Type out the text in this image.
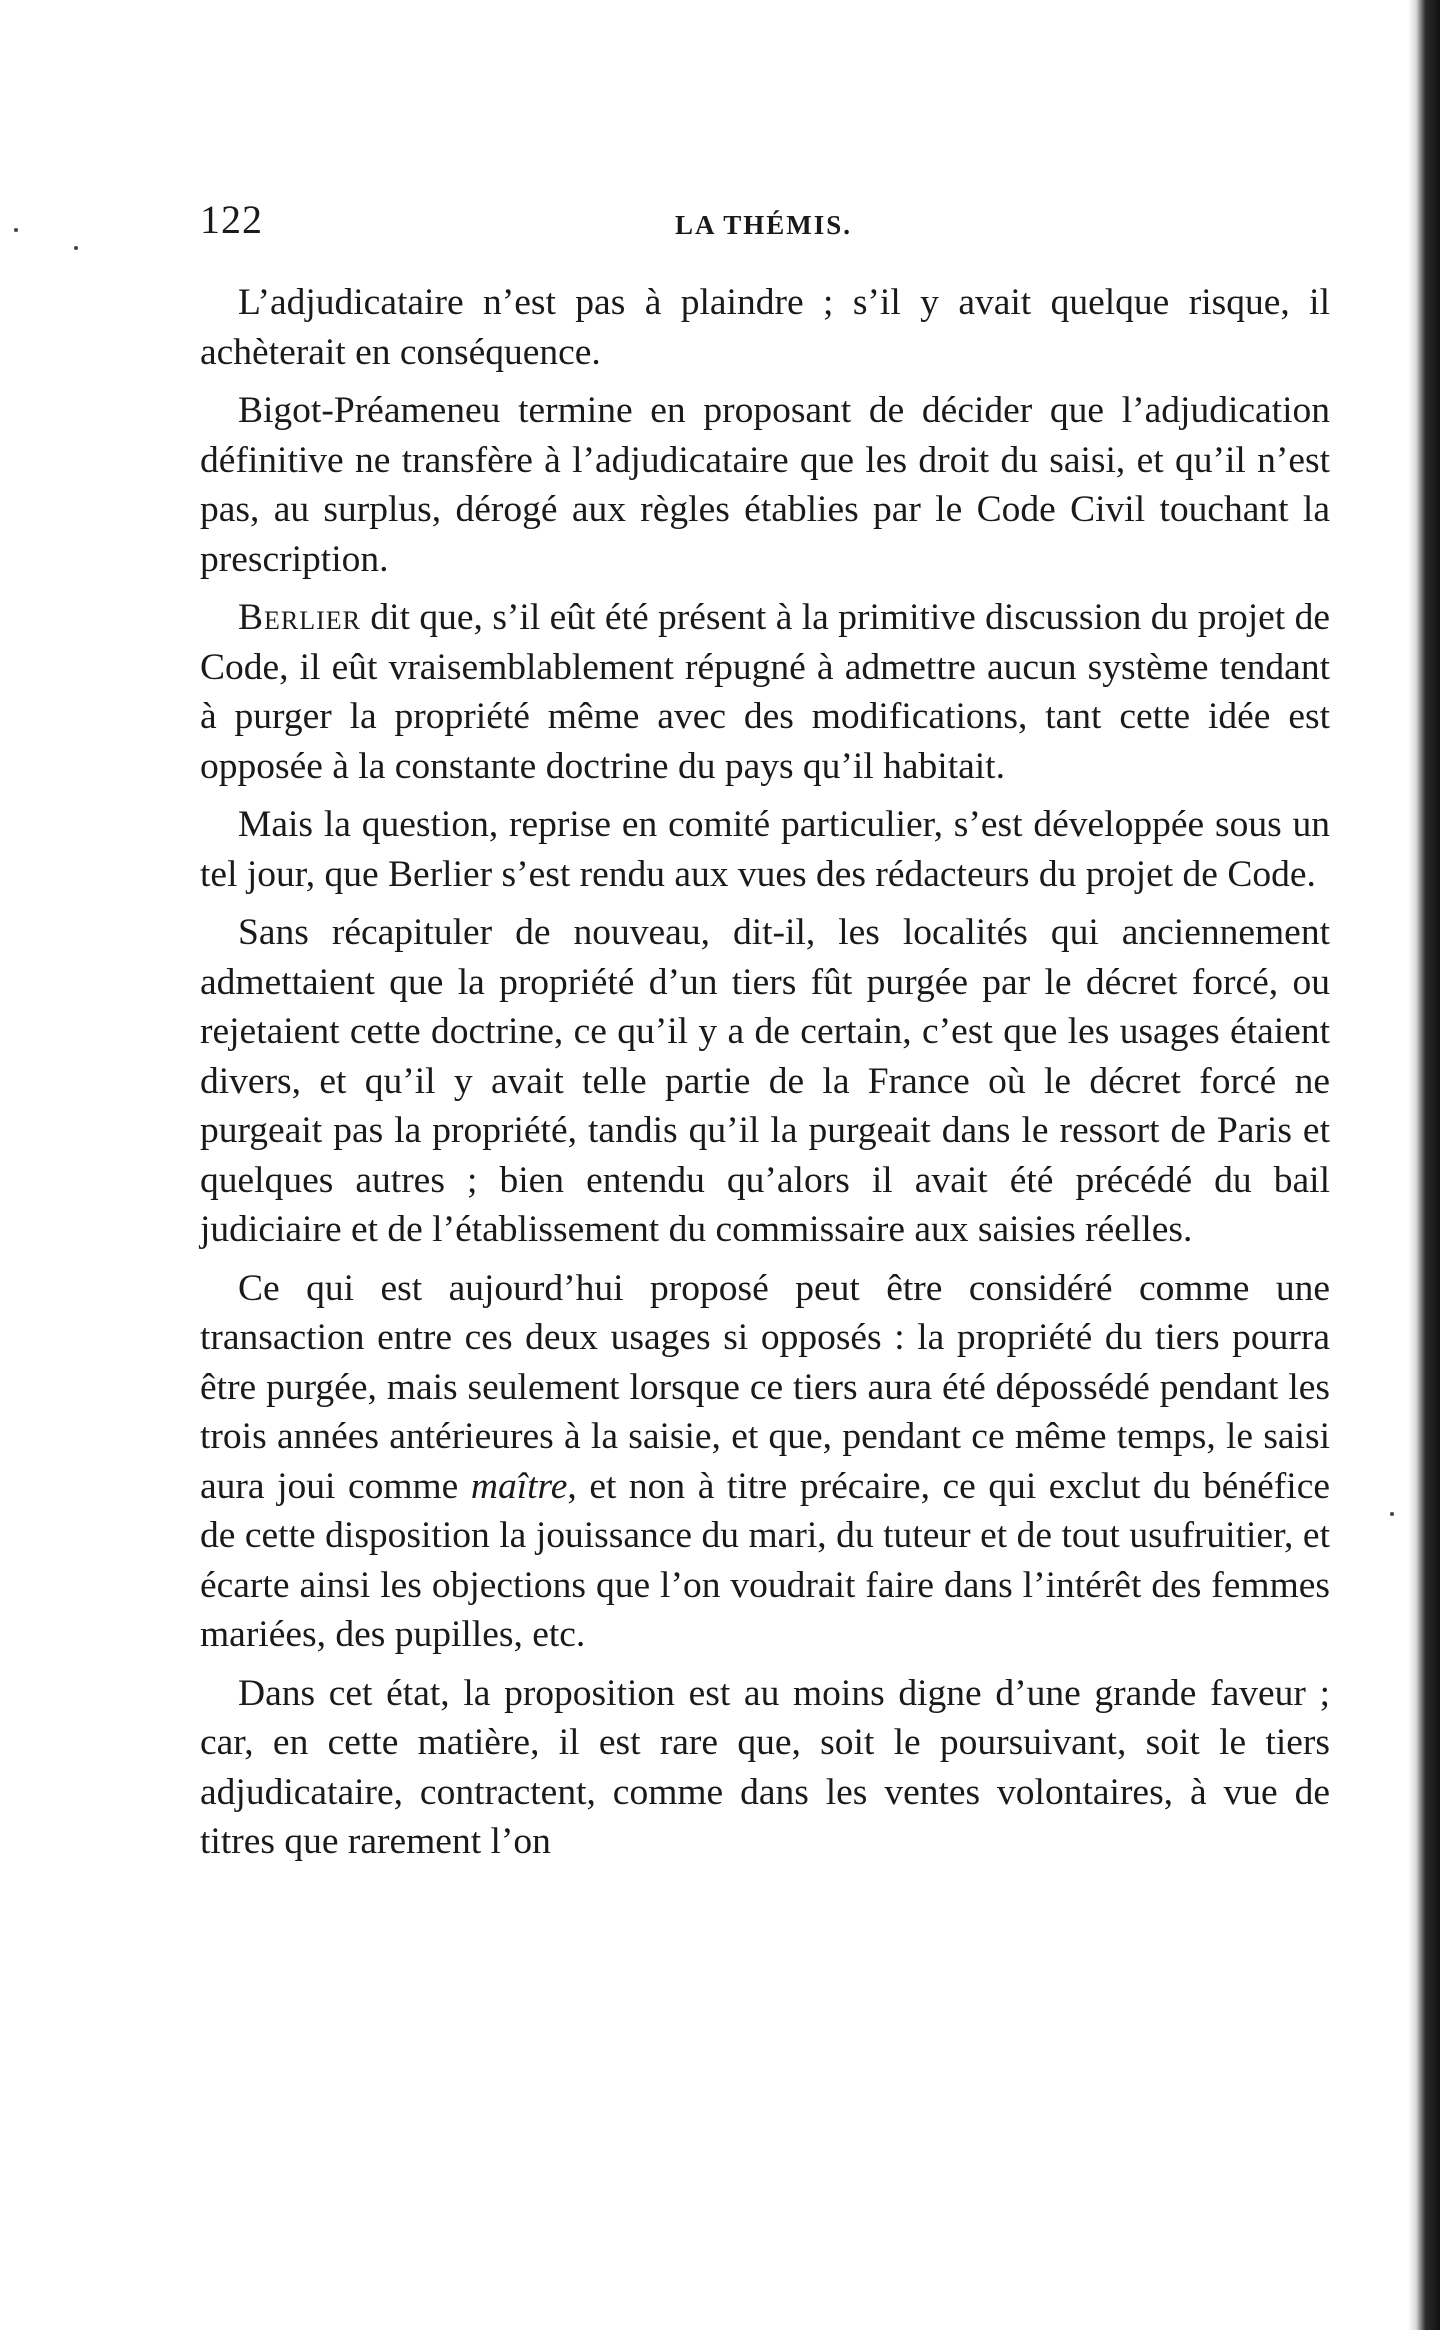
122	LA THÉMIS.

L’adjudicataire n’est pas à plaindre ; s’il y avait quelque risque, il achèterait en conséquence.

Bigot-Préameneu termine en proposant de décider que l’adjudication définitive ne transfère à l’adjudicataire que les droit du saisi, et qu’il n’est pas, au surplus, dérogé aux règles établies par le Code Civil touchant la prescription.

Berlier dit que, s’il eût été présent à la primitive discussion du projet de Code, il eût vraisemblablement répugné à admettre aucun système tendant à purger la propriété même avec des modifications, tant cette idée est opposée à la constante doctrine du pays qu’il habitait.

Mais la question, reprise en comité particulier, s’est développée sous un tel jour, que Berlier s’est rendu aux vues des rédacteurs du projet de Code.

Sans récapituler de nouveau, dit-il, les localités qui anciennement admettaient que la propriété d’un tiers fût purgée par le décret forcé, ou rejetaient cette doctrine, ce qu’il y a de certain, c’est que les usages étaient divers, et qu’il y avait telle partie de la France où le décret forcé ne purgeait pas la propriété, tandis qu’il la purgeait dans le ressort de Paris et quelques autres ; bien entendu qu’alors il avait été précédé du bail judiciaire et de l’établissement du commissaire aux saisies réelles.

Ce qui est aujourd’hui proposé peut être considéré comme une transaction entre ces deux usages si opposés : la propriété du tiers pourra être purgée, mais seulement lorsque ce tiers aura été dépossédé pendant les trois années antérieures à la saisie, et que, pendant ce même temps, le saisi aura joui comme maître, et non à titre précaire, ce qui exclut du bénéfice de cette disposition la jouissance du mari, du tuteur et de tout usufruitier, et écarte ainsi les objections que l’on voudrait faire dans l’intérêt des femmes mariées, des pupilles, etc.

Dans cet état, la proposition est au moins digne d’une grande faveur ; car, en cette matière, il est rare que, soit le poursuivant, soit le tiers adjudicataire, contractent, comme dans les ventes volontaires, à vue de titres que rarement l’on
